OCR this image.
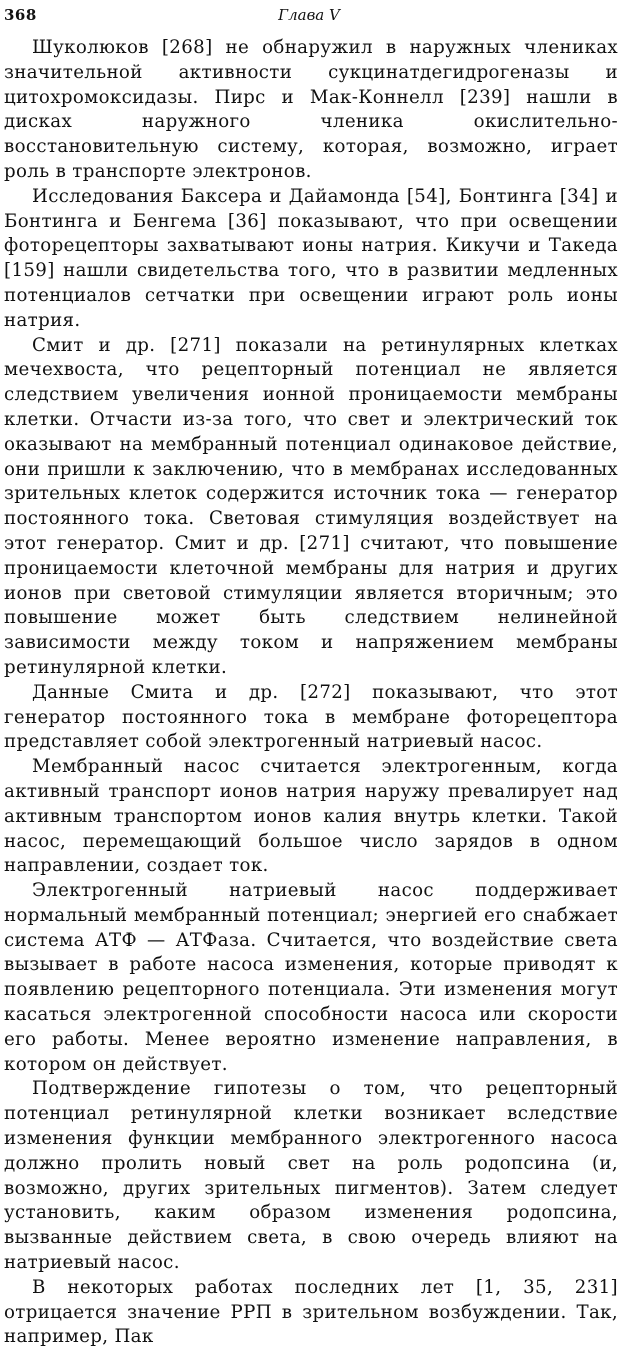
368	Глава V

Шуколюков [268] не обнаружил в наружных члениках значительной активности сукцинатдегидрогеназы и цитохромоксидазы. Пирс и Мак-Коннелл [239] нашли в дисках наружного членика окислительно-восстановительную систему, которая, возможно, играет роль в транспорте электронов.

Исследования Баксера и Дайамонда [54], Бонтинга [34] и Бонтинга и Бенгема [36] показывают, что при освещении фоторецепторы захватывают ионы натрия. Кикучи и Такеда [159] нашли свидетельства того, что в развитии медленных потенциалов сетчатки при освещении играют роль ионы натрия.

Смит и др. [271] показали на ретинулярных клетках мечехвоста, что рецепторный потенциал не является следствием увеличения ионной проницаемости мембраны клетки. Отчасти из-за того, что свет и электрический ток оказывают на мембранный потенциал одинаковое действие, они пришли к заключению, что в мембранах исследованных зрительных клеток содержится источник тока — генератор постоянного тока. Световая стимуляция воздействует на этот генератор. Смит и др. [271] считают, что повышение проницаемости клеточной мембраны для натрия и других ионов при световой стимуляции является вторичным; это повышение может быть следствием нелинейной зависимости между током и напряжением мембраны ретинулярной клетки.

Данные Смита и др. [272] показывают, что этот генератор постоянного тока в мембране фоторецептора представляет собой электрогенный натриевый насос.

Мембранный насос считается электрогенным, когда активный транспорт ионов натрия наружу превалирует над активным транспортом ионов калия внутрь клетки. Такой насос, перемещающий большое число зарядов в одном направлении, создает ток.

Электрогенный натриевый насос поддерживает нормальный мембранный потенциал; энергией его снабжает система АТФ — АТФаза. Считается, что воздействие света вызывает в работе насоса изменения, которые приводят к появлению рецепторного потенциала. Эти изменения могут касаться электрогенной способности насоса или скорости его работы. Менее вероятно изменение направления, в котором он действует.

Подтверждение гипотезы о том, что рецепторный потенциал ретинулярной клетки возникает вследствие изменения функции мембранного электрогенного насоса должно пролить новый свет на роль родопсина (и, возможно, других зрительных пигментов). Затем следует установить, каким образом изменения родопсина, вызванные действием света, в свою очередь влияют на натриевый насос.

В некоторых работах последних лет [1, 35, 231] отрицается значение РРП в зрительном возбуждении. Так, например, Пак
